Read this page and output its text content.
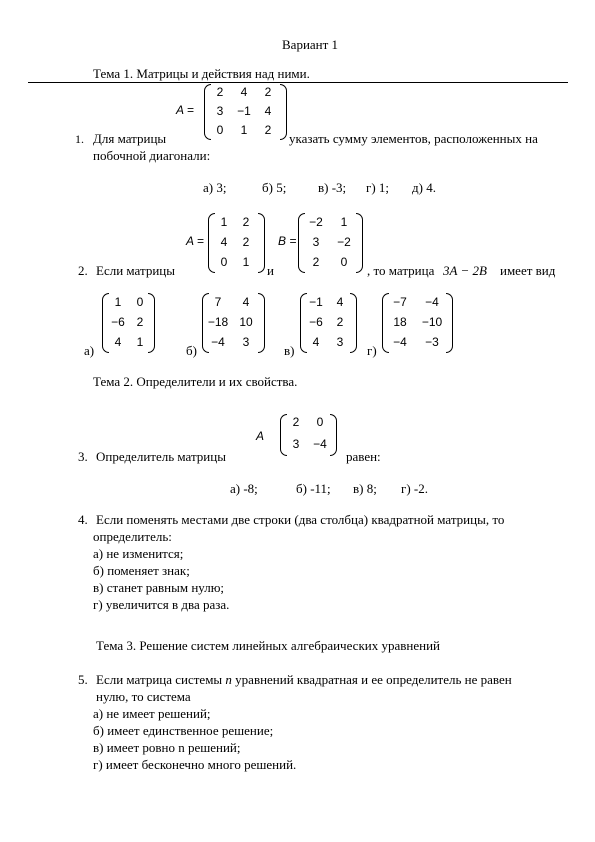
Вариант 1
Тема 1. Матрицы и действия над ними.
A =
2	4	2
3	−1	4
0	1	2
1. Для матрицы	указать сумму элементов, расположенных на
побочной диагонали:
а) 3;	б) 5; в) -3; г) 1; д) 4.
A =
1	2
4	2
0	1
B =
−2	1
3	−2
2	0
2. Если матрицы	и	, то матрица 3A − 2B имеет вид
а)
1	0
−6 2
4	1
б)
7	4
−18 10
−4	3
в)
−1	4
−6	2
4	3
г)
−7	−4
18	−10
−4	−3
Тема 2. Определители и их свойства.
A
2	0
3	−4
3. Определитель матрицы	равен:
а) -8;	б) -11; в) 8; г) -2.
4. Если поменять местами две строки (два столбца) квадратной матрицы, то
определитель:
а) не изменится;
б) поменяет знак;
в) станет равным нулю;
г) увеличится в два раза.
Тема 3. Решение систем линейных алгебраических уравнений
5. Если матрица системы n уравнений квадратная и ее определитель не равен
нулю, то система
а) не имеет решений;
б) имеет единственное решение;
в) имеет ровно n решений;
г) имеет бесконечно много решений.
